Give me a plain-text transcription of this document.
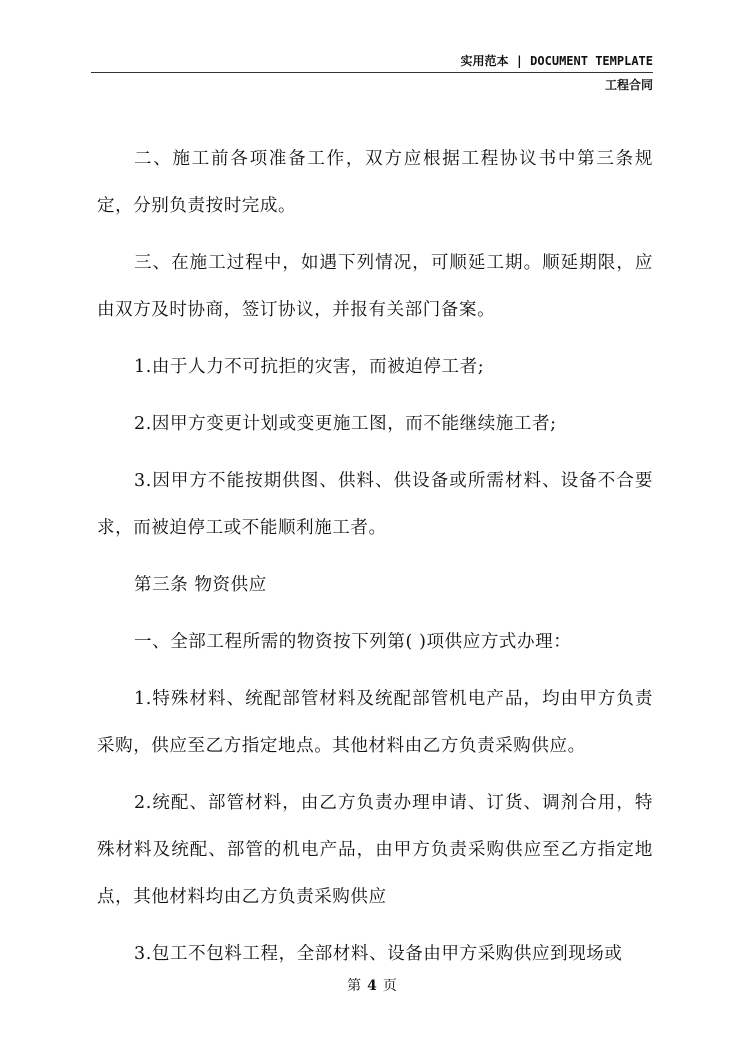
实用范本 | DOCUMENT TEMPLATE
工程合同

二、施工前各项准备工作，双方应根据工程协议书中第三条规定，分别负责按时完成。

三、在施工过程中，如遇下列情况，可顺延工期。顺延期限，应由双方及时协商，签订协议，并报有关部门备案。

1.由于人力不可抗拒的灾害，而被迫停工者;

2.因甲方变更计划或变更施工图，而不能继续施工者;

3.因甲方不能按期供图、供料、供设备或所需材料、设备不合要求，而被迫停工或不能顺利施工者。

第三条 物资供应

一、全部工程所需的物资按下列第( )项供应方式办理：

1.特殊材料、统配部管材料及统配部管机电产品，均由甲方负责采购，供应至乙方指定地点。其他材料由乙方负责采购供应。

2.统配、部管材料，由乙方负责办理申请、订货、调剂合用，特殊材料及统配、部管的机电产品，由甲方负责采购供应至乙方指定地点，其他材料均由乙方负责采购供应

3.包工不包料工程，全部材料、设备由甲方采购供应到现场或

第 4 页
